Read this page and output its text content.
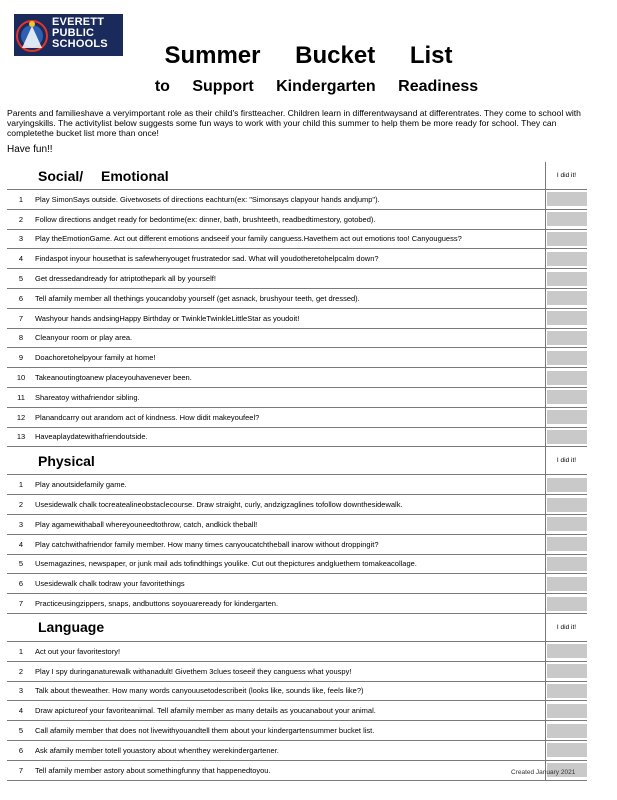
EVERETT
PUBLIC
SCHOOLS	Summer Bucket List
to Support Kindergarten Readiness
Parents and familieshave a veryimportant role as their child's firstteacher. Children learn in differentwaysand at differentrates. They come to school with varyingskills. The activitylist below suggests some fun ways to work with your child this summer to help them be more ready for school. They can completethe bucket list more than once!
Have fun!!
	Social/ Emotional	I did it!
1	Play SimonSays outside. Givetwosets of directions eachturn(ex: "Simonsays clapyour hands andjump").	

2	Follow directions andget ready for bedontime(ex: dinner, bath, brushteeth, readbedtimestory, gotobed).	

3	Play theEmotionGame. Act out different emotions andseeif your family canguess.Havethem act out emotions too! Canyouguess?	

4	Findaspot inyour housethat is safewhenyouget frustratedor sad. What will youdotheretohelpcalm down?	

5	Get dressedandready for atriptothepark all by yourself!	

6	Tell afamily member all thethings youcandoby yourself (get asnack, brushyour teeth, get dressed).	

7	Washyour hands andsingHappy Birthday or TwinkleTwinkleLittleStar as youdoit!	

8	Cleanyour room or play area.	

9	Doachoretohelpyour family at home!	

10	Takeanoutingtoanew placeyouhavenever been.	

11	Shareatoy withafriendor sibling.	

12	Planandcarry out arandom act of kindness. How didit makeyoufeel?	

13	Haveaplaydatewithafriendoutside.	

	Physical	I did it!
1	Play anoutsidefamily game.	

2	Usesidewalk chalk tocreatealineobstaclecourse. Draw straight, curly, andzigzaglines tofollow downthesidewalk.	

3	Play agamewithaball whereyouneedtothrow, catch, andkick theball!	

4	Play catchwithafriendor family member. How many times canyoucatchtheball inarow without droppingit?	

5	Usemagazines, newspaper, or junk mail ads tofindthings youlike. Cut out thepictures andgluethem tomakeacollage.	

6	Usesidewalk chalk todraw your favoritethings	

7	Practiceusingzippers, snaps, andbuttons soyouareready for kindergarten.	

	Language	I did it!
1	Act out your favoritestory!	

2	Play I spy duringanaturewalk withanadult! Givethem 3clues toseeif they canguess what youspy!	

3	Talk about theweather. How many words canyouusetodescribeit (looks like, sounds like, feels like?)	

4	Draw apictureof your favoriteanimal. Tell afamily member as many details as youcanabout your animal.	

5	Call afamily member that does not livewithyouandtell them about your kindergartensummer bucket list.	

6	Ask afamily member totell youastory about whenthey werekindergartener.	

7	Tell afamily member astory about somethingfunny that happenedtoyou.		Created January 2021
